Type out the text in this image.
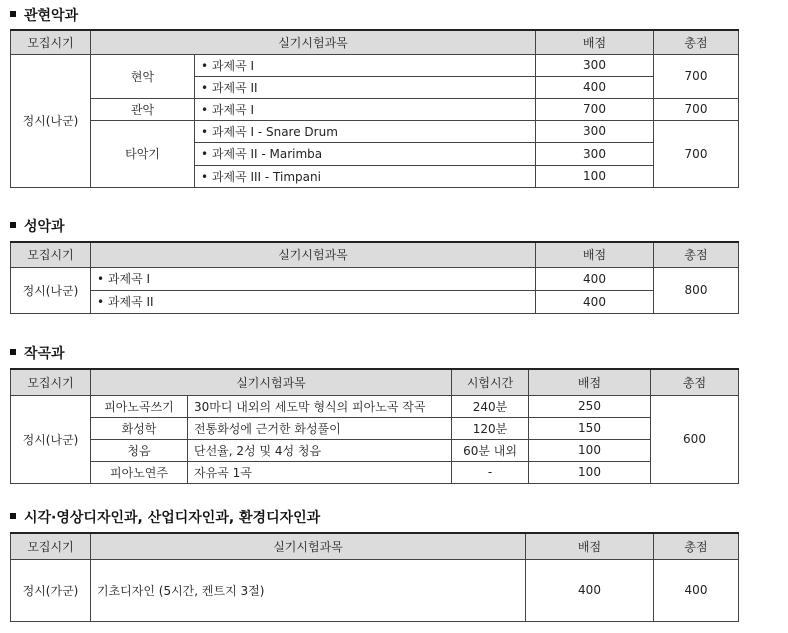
관현악과
모집시기	실기시험과목		배점	총점
정시(나군)	현악	• 과제곡 I	300	700
		• 과제곡 II	400	
	관악	• 과제곡 I	700	700
	타악기	• 과제곡 I - Snare Drum	300	700
		• 과제곡 II - Marimba	300	
		• 과제곡 III - Timpani	100	
성악과
모집시기	실기시험과목	배점	총점
정시(나군)	• 과제곡 I	400	800
	• 과제곡 II	400	
작곡과
모집시기	실기시험과목		시험시간	배점	총점
정시(나군)	피아노곡쓰기	30마디 내외의 세도막 형식의 피아노곡 작곡	240분	250	600
	화성학	전통화성에 근거한 화성풀이	120분	150	
	청음	단선율, 2성 및 4성 청음	60분 내외	100	
	피아노연주	자유곡 1곡	-	100	
시각·영상디자인과, 산업디자인과, 환경디자인과
모집시기	실기시험과목	배점	총점
정시(가군)	기초디자인 (5시간, 켄트지 3절)	400	400
